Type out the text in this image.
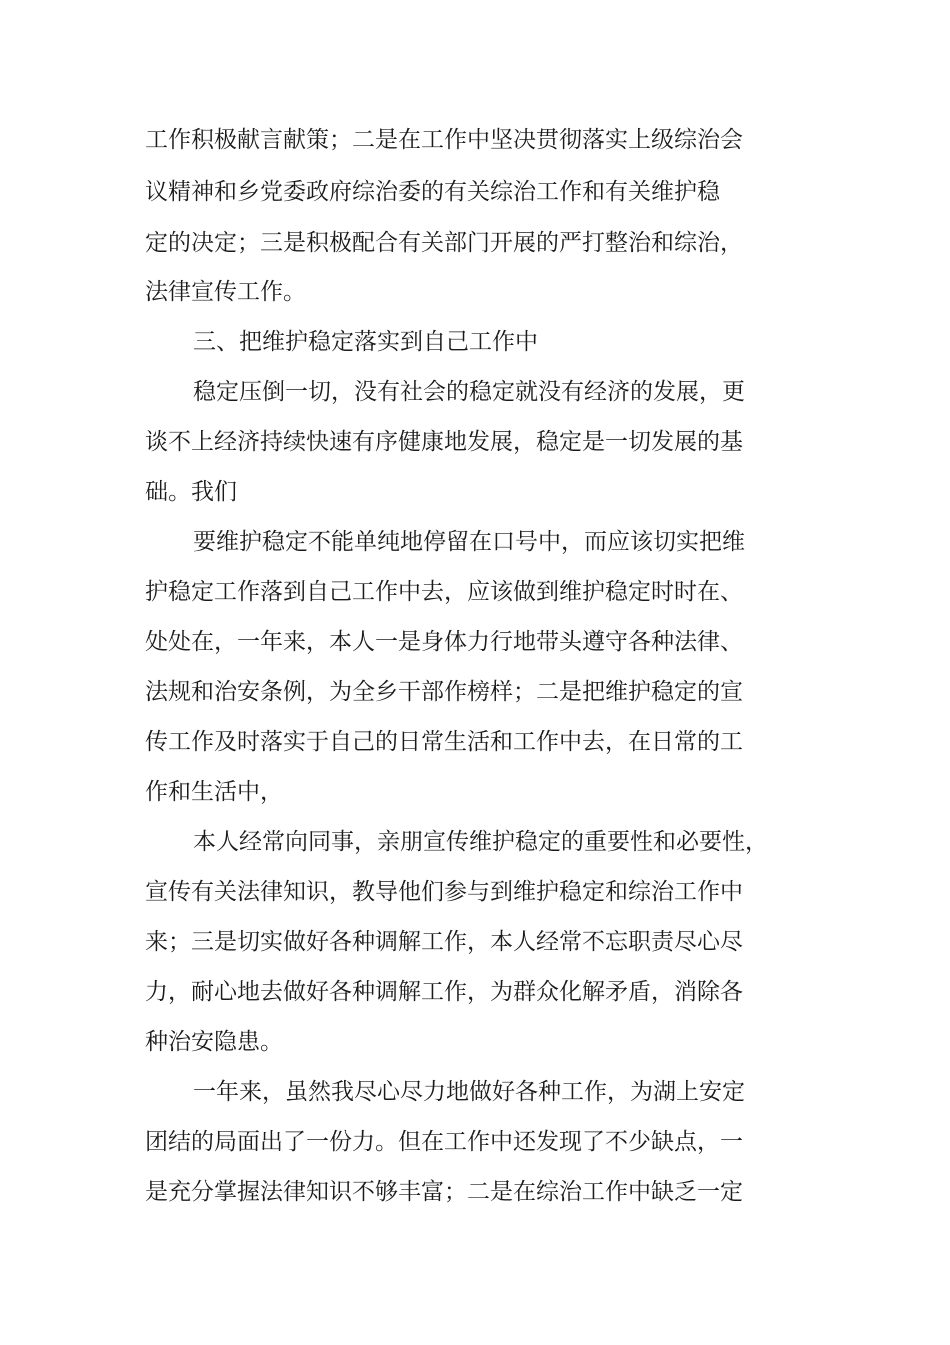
工作积极献言献策；二是在工作中坚决贯彻落实上级综治会
议精神和乡党委政府综治委的有关综治工作和有关维护稳
定的决定；三是积极配合有关部门开展的严打整治和综治，
法律宣传工作。
三、把维护稳定落实到自己工作中
稳定压倒一切，没有社会的稳定就没有经济的发展，更
谈不上经济持续快速有序健康地发展，稳定是一切发展的基
础。我们
要维护稳定不能单纯地停留在口号中，而应该切实把维
护稳定工作落到自己工作中去，应该做到维护稳定时时在、
处处在，一年来，本人一是身体力行地带头遵守各种法律、
法规和治安条例，为全乡干部作榜样；二是把维护稳定的宣
传工作及时落实于自己的日常生活和工作中去，在日常的工
作和生活中，
本人经常向同事，亲朋宣传维护稳定的重要性和必要性，
宣传有关法律知识，教导他们参与到维护稳定和综治工作中
来；三是切实做好各种调解工作，本人经常不忘职责尽心尽
力，耐心地去做好各种调解工作，为群众化解矛盾，消除各
种治安隐患。
一年来，虽然我尽心尽力地做好各种工作，为湖上安定
团结的局面出了一份力。但在工作中还发现了不少缺点，一
是充分掌握法律知识不够丰富；二是在综治工作中缺乏一定
